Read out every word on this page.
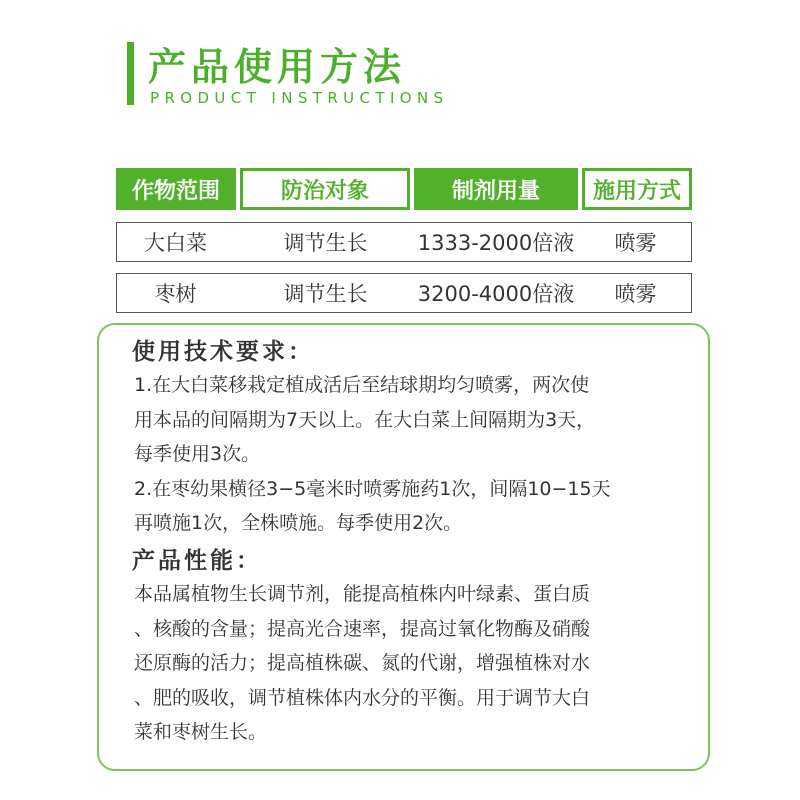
产品使用方法
PRODUCT INSTRUCTIONS
作物范围	防治对象	制剂用量	施用方式
大白菜	调节生长	1333-2000倍液	喷雾
枣树	调节生长	3200-4000倍液	喷雾
使用技术要求：
1.在大白菜移栽定植成活后至结球期均匀喷雾，两次使
用本品的间隔期为7天以上。在大白菜上间隔期为3天，
每季使用3次。
2.在枣幼果横径3−5毫米时喷雾施药1次，间隔10−15天
再喷施1次，全株喷施。每季使用2次。
产品性能：
本品属植物生长调节剂，能提高植株内叶绿素、蛋白质
、核酸的含量；提高光合速率，提高过氧化物酶及硝酸
还原酶的活力；提高植株碳、氮的代谢，增强植株对水
、肥的吸收，调节植株体内水分的平衡。用于调节大白
菜和枣树生长。
